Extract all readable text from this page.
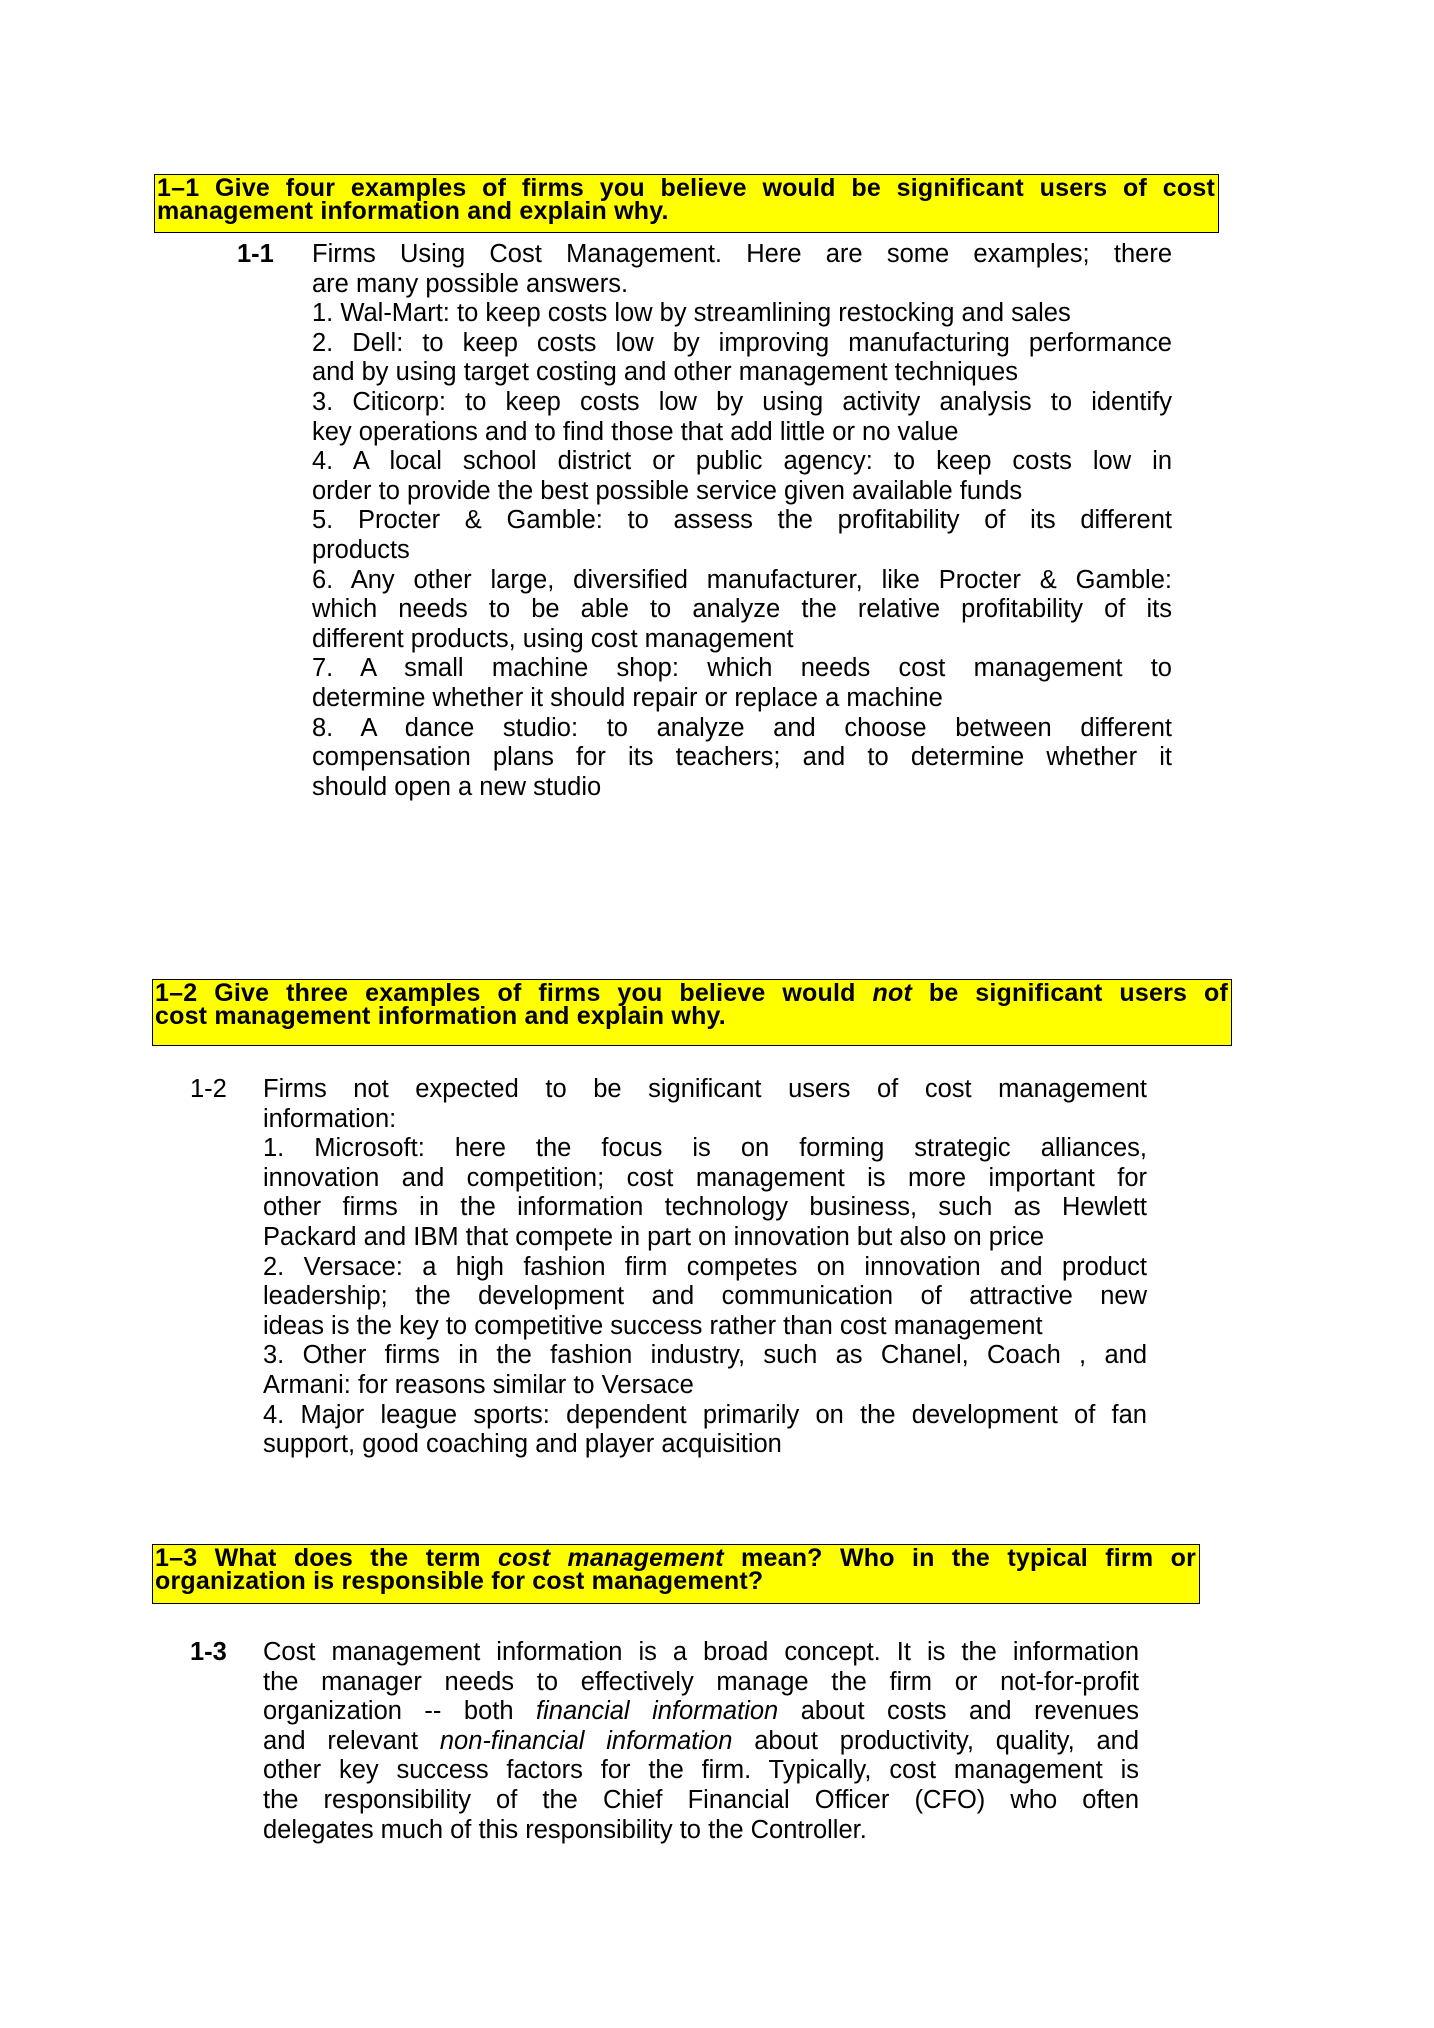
1–1 Give four examples of firms you believe would be significant users of cost
management information and explain why.
1-1 Firms Using Cost Management. Here are some examples; there
are many possible answers.
1. Wal-Mart: to keep costs low by streamlining restocking and sales
2. Dell: to keep costs low by improving manufacturing performance
and by using target costing and other management techniques
3. Citicorp: to keep costs low by using activity analysis to identify
key operations and to find those that add little or no value
4. A local school district or public agency: to keep costs low in
order to provide the best possible service given available funds
5. Procter & Gamble: to assess the profitability of its different
products
6. Any other large, diversified manufacturer, like Procter & Gamble:
which needs to be able to analyze the relative profitability of its
different products, using cost management
7. A small machine shop: which needs cost management to
determine whether it should repair or replace a machine
8. A dance studio: to analyze and choose between different
compensation plans for its teachers; and to determine whether it
should open a new studio
1–2 Give three examples of firms you believe would not be significant users of
cost management information and explain why.
1-2 Firms not expected to be significant users of cost management
information:
1. Microsoft: here the focus is on forming strategic alliances,
innovation and competition; cost management is more important for
other firms in the information technology business, such as Hewlett
Packard and IBM that compete in part on innovation but also on price
2. Versace: a high fashion firm competes on innovation and product
leadership; the development and communication of attractive new
ideas is the key to competitive success rather than cost management
3. Other firms in the fashion industry, such as Chanel, Coach , and
Armani: for reasons similar to Versace
4. Major league sports: dependent primarily on the development of fan
support, good coaching and player acquisition
1–3 What does the term cost management mean? Who in the typical firm or
organization is responsible for cost management?
1-3 Cost management information is a broad concept. It is the information
the manager needs to effectively manage the firm or not-for-profit
organization -- both financial information about costs and revenues
and relevant non-financial information about productivity, quality, and
other key success factors for the firm. Typically, cost management is
the responsibility of the Chief Financial Officer (CFO) who often
delegates much of this responsibility to the Controller.
